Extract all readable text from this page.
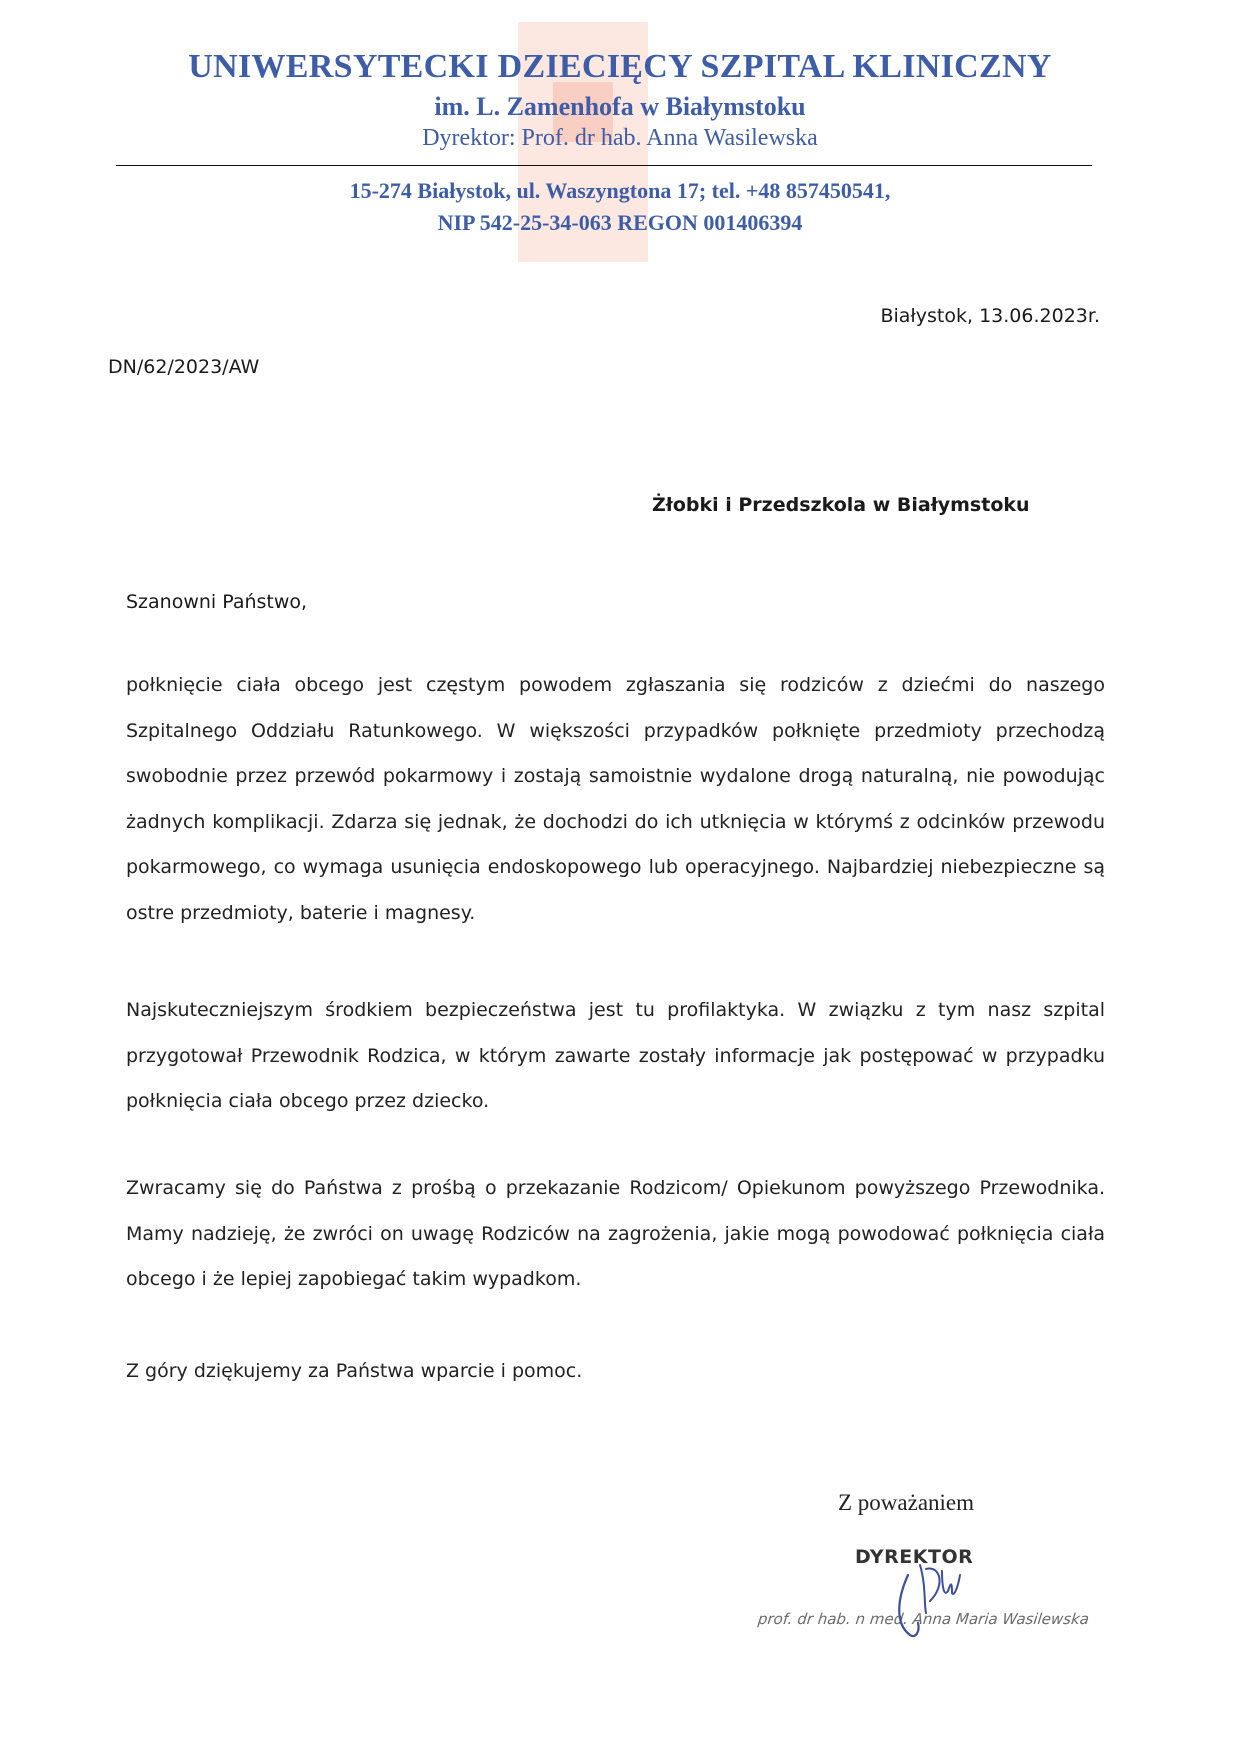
UNIWERSYTECKI DZIECIĘCY SZPITAL KLINICZNY
im. L. Zamenhofa w Białymstoku
Dyrektor: Prof. dr hab. Anna Wasilewska
15-274 Białystok, ul. Waszyngtona 17; tel. +48 857450541,
NIP 542-25-34-063 REGON 001406394
Białystok, 13.06.2023r.
DN/62/2023/AW
Żłobki i Przedszkola w Białymstoku
Szanowni Państwo,
połknięcie ciała obcego jest częstym powodem zgłaszania się rodziców z dziećmi do naszego Szpitalnego Oddziału Ratunkowego. W większości przypadków połknięte przedmioty przechodzą swobodnie przez przewód pokarmowy i zostają samoistnie wydalone drogą naturalną, nie powodując żadnych komplikacji. Zdarza się jednak, że dochodzi do ich utknięcia w którymś z odcinków przewodu pokarmowego, co wymaga usunięcia endoskopowego lub operacyjnego. Najbardziej niebezpieczne są ostre przedmioty, baterie i magnesy.
Najskuteczniejszym środkiem bezpieczeństwa jest tu profilaktyka. W związku z tym nasz szpital przygotował Przewodnik Rodzica, w którym zawarte zostały informacje jak postępować w przypadku połknięcia ciała obcego przez dziecko.
Zwracamy się do Państwa z prośbą o przekazanie Rodzicom/ Opiekunom powyższego Przewodnika. Mamy nadzieję, że zwróci on uwagę Rodziców na zagrożenia, jakie mogą powodować połknięcia ciała obcego i że lepiej zapobiegać takim wypadkom.
Z góry dziękujemy za Państwa wparcie i pomoc.
Z poważaniem
DYREKTOR
prof. dr hab. n med. Anna Maria Wasilewska
